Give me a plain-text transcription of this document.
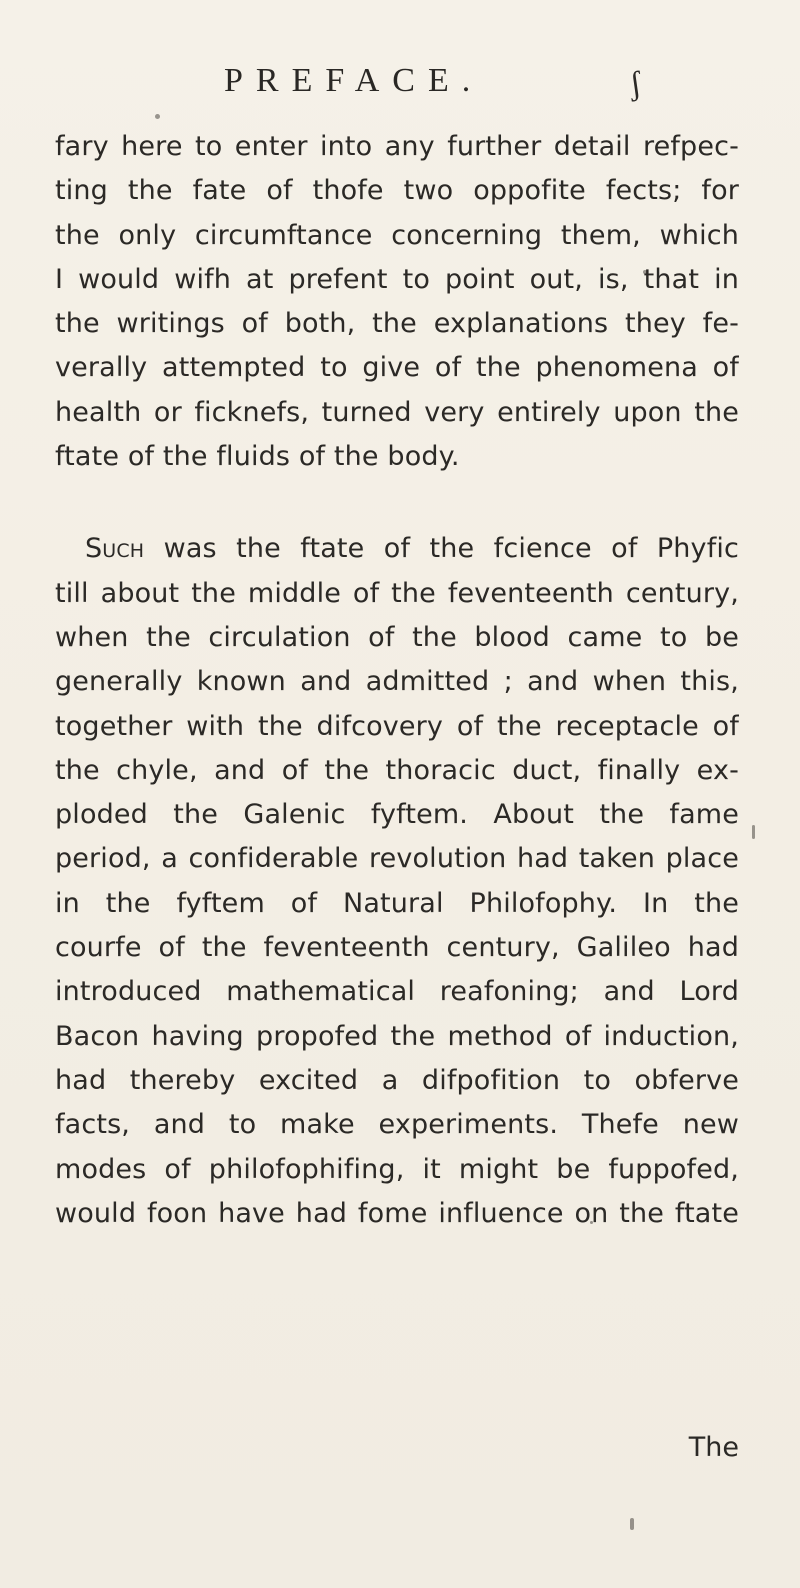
PREFACE.	ʃ
fary here to enter into any further detail refpec-
ting the fate of thofe two oppofite fects; for
the only circumftance concerning them, which
I would wifh at prefent to point out, is, that in
the writings of both, the explanations they fe-
verally attempted to give of the phenomena of
health or ficknefs, turned very entirely upon the
ftate of the fluids of the body.
Such was the ftate of the fcience of Phyfic
till about the middle of the feventeenth century,
when the circulation of the blood came to be
generally known and admitted ; and when this,
together with the difcovery of the receptacle of
the chyle, and of the thoracic duct, finally ex-
ploded the Galenic fyftem. About the fame
period, a confiderable revolution had taken place
in the fyftem of Natural Philofophy. In the
courfe of the feventeenth century, Galileo had
introduced mathematical reafoning; and Lord
Bacon having propofed the method of induction,
had thereby excited a difpofition to obferve
facts, and to make experiments. Thefe new
modes of philofophifing, it might be fuppofed,
would foon have had fome influence on the ftate
The
